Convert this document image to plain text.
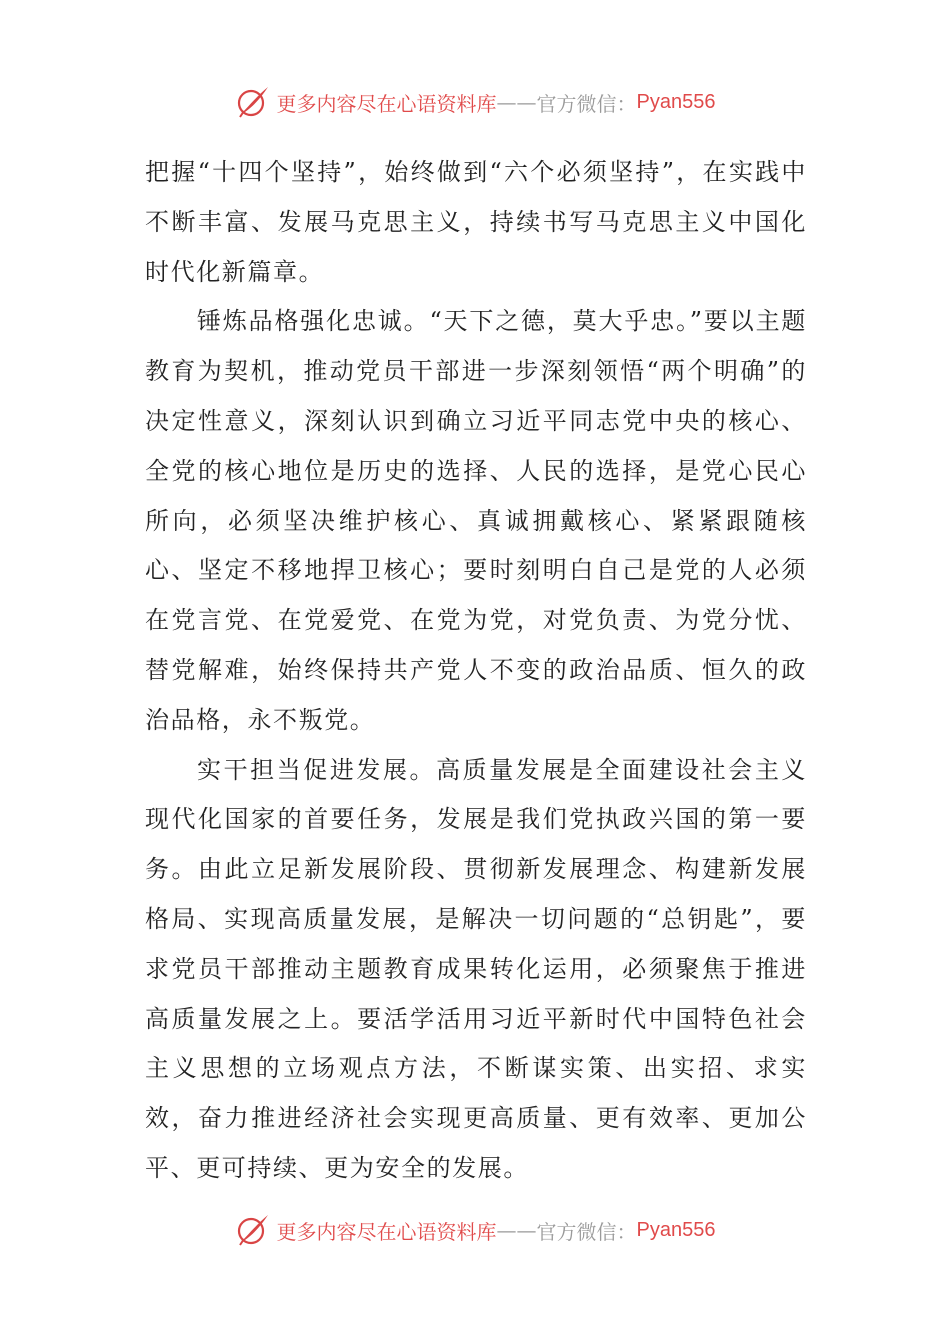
更多内容尽在心语资料库 —— 官方微信： Pyan556

把握“十四个坚持”，始终做到“六个必须坚持”，在实践中不断丰富、发展马克思主义，持续书写马克思主义中国化时代化新篇章。

锤炼品格强化忠诚。“天下之德，莫大乎忠。”要以主题教育为契机，推动党员干部进一步深刻领悟“两个明确”的决定性意义，深刻认识到确立习近平同志党中央的核心、全党的核心地位是历史的选择、人民的选择，是党心民心所向，必须坚决维护核心、真诚拥戴核心、紧紧跟随核心、坚定不移地捍卫核心；要时刻明白自己是党的人必须在党言党、在党爱党、在党为党，对党负责、为党分忧、替党解难，始终保持共产党人不变的政治品质、恒久的政治品格，永不叛党。

实干担当促进发展。高质量发展是全面建设社会主义现代化国家的首要任务，发展是我们党执政兴国的第一要务。由此立足新发展阶段、贯彻新发展理念、构建新发展格局、实现高质量发展，是解决一切问题的“总钥匙”，要求党员干部推动主题教育成果转化运用，必须聚焦于推进高质量发展之上。要活学活用习近平新时代中国特色社会主义思想的立场观点方法，不断谋实策、出实招、求实效，奋力推进经济社会实现更高质量、更有效率、更加公平、更可持续、更为安全的发展。

更多内容尽在心语资料库 —— 官方微信： Pyan556
